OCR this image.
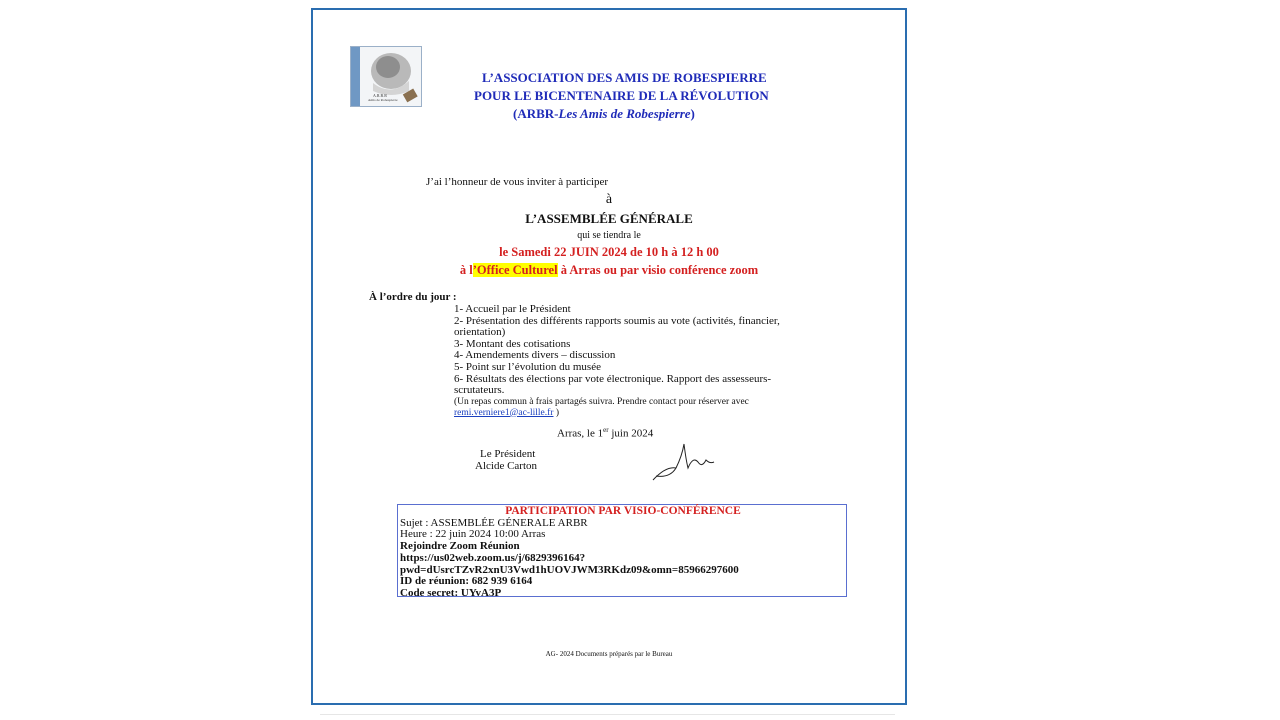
A.R.B.R
Amis de Robespierre
L’ASSOCIATION DES AMIS DE ROBESPIERRE
POUR LE BICENTENAIRE DE LA RÉVOLUTION
(ARBR-Les Amis de Robespierre)
J’ai l’honneur de vous inviter à participer
à
L’ASSEMBLÉE GÉNÉRALE
qui se tiendra le
le Samedi 22 JUIN 2024 de 10 h à 12 h 00
à l’Office Culturel à Arras ou par visio conférence zoom
À l’ordre du jour :
1- Accueil par le Président
2- Présentation des différents rapports soumis au vote (activités, financier, orientation)
3- Montant des cotisations
4- Amendements divers – discussion
5- Point sur l’évolution du musée
6- Résultats des élections par vote électronique. Rapport des assesseurs-scrutateurs.
(Un repas commun à frais partagés suivra. Prendre contact pour réserver avec
remi.verniere1@ac-lille.fr )
Arras, le 1er juin 2024
Le Président
Alcide Carton
PARTICIPATION PAR VISIO-CONFÉRENCE
Sujet : ASSEMBLÉE GÉNERALE ARBR
Heure : 22 juin 2024 10:00 Arras
Rejoindre Zoom Réunion
https://us02web.zoom.us/j/6829396164?
pwd=dUsrcTZvR2xnU3Vwd1hUOVJWM3RKdz09&omn=85966297600
ID de réunion: 682 939 6164
Code secret: UYvA3P
AG- 2024 Documents préparés par le Bureau
